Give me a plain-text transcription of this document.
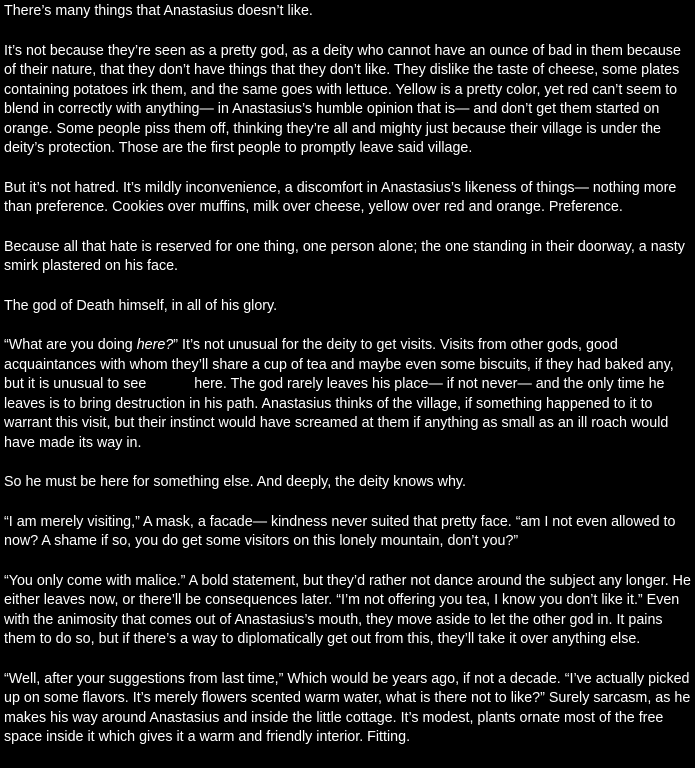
There’s many things that Anastasius doesn’t like.

It’s not because they’re seen as a pretty god, as a deity who cannot have an ounce of bad in them because of their nature, that they don’t have things that they don’t like. They dislike the taste of cheese, some plates containing potatoes irk them, and the same goes with lettuce. Yellow is a pretty color, yet red can’t seem to blend in correctly with anything— in Anastasius’s humble opinion that is— and don’t get them started on orange. Some people piss them off, thinking they’re all and mighty just because their village is under the deity’s protection. Those are the first people to promptly leave said village.

But it’s not hatred. It’s mildly inconvenience, a discomfort in Anastasius’s likeness of things— nothing more than preference. Cookies over muffins, milk over cheese, yellow over red and orange. Preference.

Because all that hate is reserved for one thing, one person alone; the one standing in their doorway, a nasty smirk plastered on his face.

The god of Death himself, in all of his glory.

“What are you doing here?” It’s not unusual for the deity to get visits. Visits from other gods, good acquaintances with whom they’ll share a cup of tea and maybe even some biscuits, if they had baked any, but it is unusual to see	here. The god rarely leaves his place— if not never— and the only time he leaves is to bring destruction in his path. Anastasius thinks of the village, if something happened to it to warrant this visit, but their instinct would have screamed at them if anything as small as an ill roach would have made its way in.

So he must be here for something else. And deeply, the deity knows why.

“I am merely visiting,” A mask, a facade— kindness never suited that pretty face. “am I not even allowed to now? A shame if so, you do get some visitors on this lonely mountain, don’t you?”

“You only come with malice.” A bold statement, but they’d rather not dance around the subject any longer. He either leaves now, or there’ll be consequences later. “I’m not offering you tea, I know you don’t like it.” Even with the animosity that comes out of Anastasius’s mouth, they move aside to let the other god in. It pains them to do so, but if there’s a way to diplomatically get out from this, they’ll take it over anything else.

“Well, after your suggestions from last time,” Which would be years ago, if not a decade. “I’ve actually picked up on some flavors. It’s merely flowers scented warm water, what is there not to like?” Surely sarcasm, as he makes his way around Anastasius and inside the little cottage. It’s modest, plants ornate most of the free space inside it which gives it a warm and friendly interior. Fitting.
